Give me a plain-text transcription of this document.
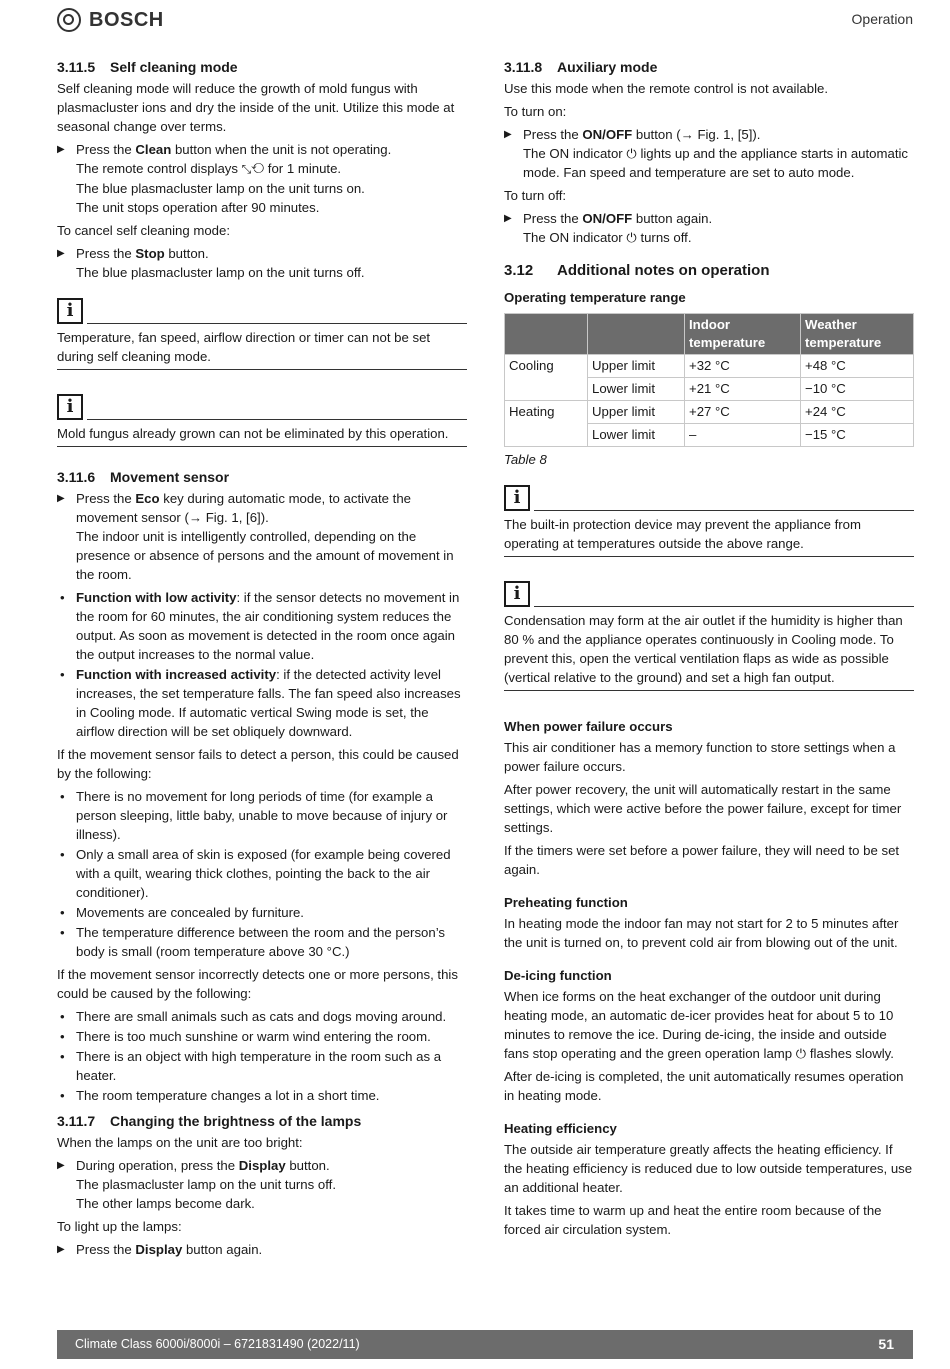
BOSCH	Operation
3.11.5 Self cleaning mode

Self cleaning mode will reduce the growth of mold fungus with plasmacluster ions and dry the inside of the unit. Utilize this mode at seasonal change over terms.

▶ Press the Clean button when the unit is not operating.
The remote control displays ⤡⟲ for 1 minute.
The blue plasmacluster lamp on the unit turns on.
The unit stops operation after 90 minutes.

To cancel self cleaning mode:

▶ Press the Stop button.
The blue plasmacluster lamp on the unit turns off.
i
Temperature, fan speed, airflow direction or timer can not be set during self cleaning mode.
i
Mold fungus already grown can not be eliminated by this operation.
3.11.6 Movement sensor
▶ Press the Eco key during automatic mode, to activate the movement sensor (→ Fig. 1, [6]).
The indoor unit is intelligently controlled, depending on the presence or absence of persons and the amount of movement in the room.
• Function with low activity: if the sensor detects no movement in the room for 60 minutes, the air conditioning system reduces the output. As soon as movement is detected in the room once again the output increases to the normal value.
• Function with increased activity: if the detected activity level increases, the set temperature falls. The fan speed also increases in Cooling mode. If automatic vertical Swing mode is set, the airflow direction will be set obliquely downward.

If the movement sensor fails to detect a person, this could be caused by the following:

• There is no movement for long periods of time (for example a person sleeping, little baby, unable to move because of injury or illness).
• Only a small area of skin is exposed (for example being covered with a quilt, wearing thick clothes, pointing the back to the air conditioner).
• Movements are concealed by furniture.
• The temperature difference between the room and the person’s body is small (room temperature above 30 °C.)

If the movement sensor incorrectly detects one or more persons, this could be caused by the following:

• There are small animals such as cats and dogs moving around.
• There is too much sunshine or warm wind entering the room.
• There is an object with high temperature in the room such as a heater.
• The room temperature changes a lot in a short time.
3.11.7 Changing the brightness of the lamps

When the lamps on the unit are too bright:

▶ During operation, press the Display button.
The plasmacluster lamp on the unit turns off.
The other lamps become dark.

To light up the lamps:

▶ Press the Display button again.
3.11.8 Auxiliary mode

Use this mode when the remote control is not available.

To turn on:

▶ Press the ON/OFF button (→ Fig. 1, [5]).
The ON indicator ⏻ lights up and the appliance starts in automatic mode. Fan speed and temperature are set to auto mode.

To turn off:

▶ Press the ON/OFF button again.
The ON indicator ⏻ turns off.
3.12 Additional notes on operation
Operating temperature range
		Indoor temperature	Weather temperature
Cooling	Upper limit	+32 °C	+48 °C
	Lower limit	+21 °C	−10 °C
Heating	Upper limit	+27 °C	+24 °C
	Lower limit	–	−15 °C
Table 8
i
The built-in protection device may prevent the appliance from operating at temperatures outside the above range.
i
Condensation may form at the air outlet if the humidity is higher than 80 % and the appliance operates continuously in Cooling mode. To prevent this, open the vertical ventilation flaps as wide as possible (vertical relative to the ground) and set a high fan output.
When power failure occurs

This air conditioner has a memory function to store settings when a power failure occurs.

After power recovery, the unit will automatically restart in the same settings, which were active before the power failure, except for timer settings.

If the timers were set before a power failure, they will need to be set again.

Preheating function

In heating mode the indoor fan may not start for 2 to 5 minutes after the unit is turned on, to prevent cold air from blowing out of the unit.

De-icing function

When ice forms on the heat exchanger of the outdoor unit during heating mode, an automatic de-icer provides heat for about 5 to 10 minutes to remove the ice. During de-icing, the inside and outside fans stop operating and the green operation lamp ⏻ flashes slowly.

After de-icing is completed, the unit automatically resumes operation in heating mode.

Heating efficiency

The outside air temperature greatly affects the heating efficiency. If the heating efficiency is reduced due to low outside temperatures, use an additional heater.

It takes time to warm up and heat the entire room because of the forced air circulation system.

Climate Class 6000i/8000i – 6721831490 (2022/11)	51
